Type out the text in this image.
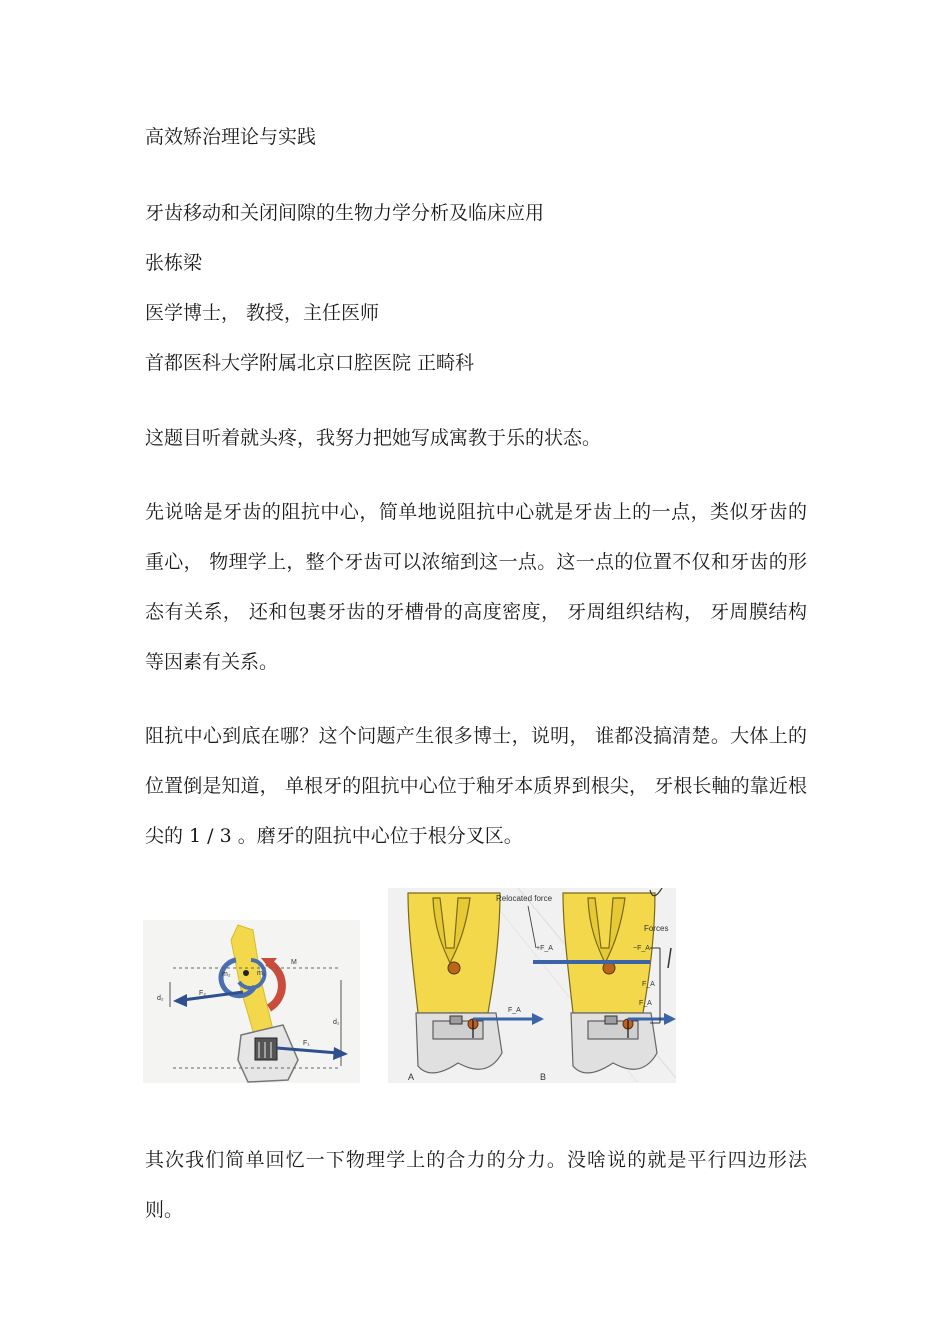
高效矫治理论与实践
牙齿移动和关闭间隙的生物力学分析及临床应用
张栋梁
医学博士， 教授，主任医师
首都医科大学附属北京口腔医院 正畸科
这题目听着就头疼，我努力把她写成寓教于乐的状态。
先说啥是牙齿的阻抗中心，简单地说阻抗中心就是牙齿上的一点，类似牙齿的重心， 物理学上，整个牙齿可以浓缩到这一点。这一点的位置不仅和牙齿的形态有关系， 还和包裹牙齿的牙槽骨的高度密度， 牙周组织结构， 牙周膜结构等因素有关系。
阻抗中心到底在哪？这个问题产生很多博士，说明， 谁都没搞清楚。大体上的位置倒是知道， 单根牙的阻抗中心位于釉牙本质界到根尖， 牙根长軸的靠近根尖的 1 / 3 。磨牙的阻抗中心位于根分叉区。
d₂
F₂
m₂	m₁
M
d₁
F₁
Relocated force
+F_A	−F_A
Forces
F_A
F_A
F_A
A	B
其次我们简单回忆一下物理学上的合力的分力。没啥说的就是平行四边形法则。
